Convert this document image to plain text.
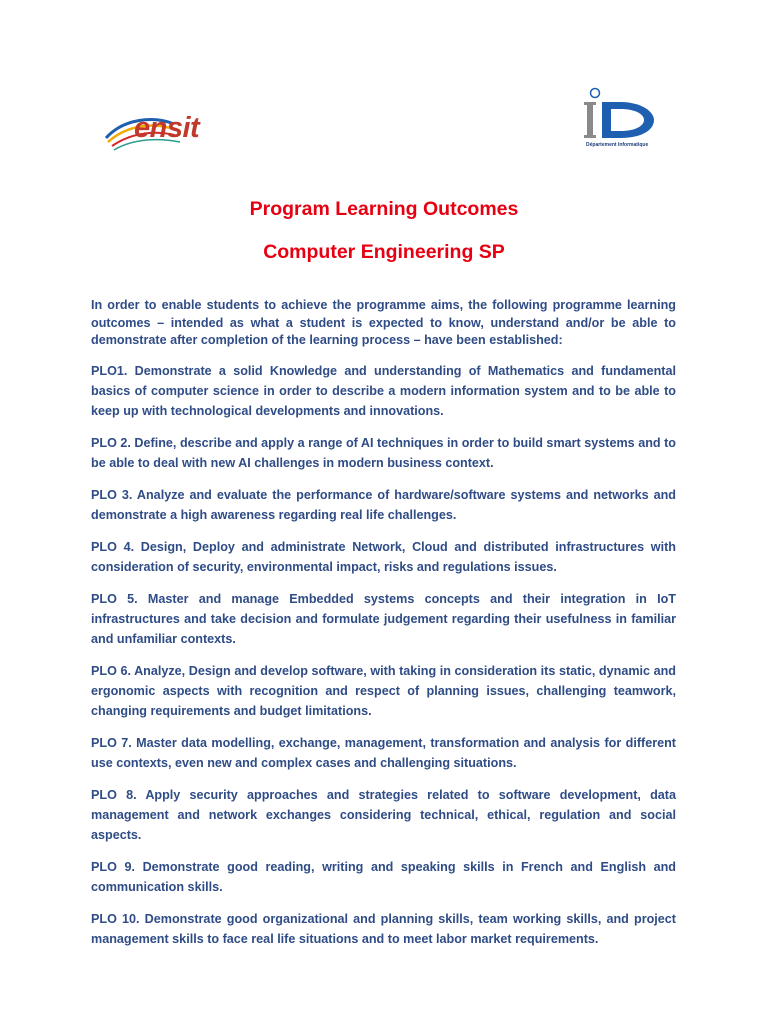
ensit
Département Informatique
Program Learning Outcomes
Computer Engineering SP

In order to enable students to achieve the programme aims, the following programme learning outcomes – intended as what a student is expected to know, understand and/or be able to demonstrate after completion of the learning process – have been established:

PLO1. Demonstrate a solid Knowledge and understanding of Mathematics and fundamental basics of computer science in order to describe a modern information system and to be able to keep up with technological developments and innovations.

PLO 2. Define, describe and apply a range of AI techniques in order to build smart systems and to be able to deal with new AI challenges in modern business context.

PLO 3. Analyze and evaluate the performance of hardware/software systems and networks and demonstrate a high awareness regarding real life challenges.

PLO 4. Design, Deploy and administrate Network, Cloud and distributed infrastructures with consideration of security, environmental impact, risks and regulations issues.

PLO 5. Master and manage Embedded systems concepts and their integration in IoT infrastructures and take decision and formulate judgement regarding their usefulness in familiar and unfamiliar contexts.

PLO 6. Analyze, Design and develop software, with taking in consideration its static, dynamic and ergonomic aspects with recognition and respect of planning issues, challenging teamwork, changing requirements and budget limitations.

PLO 7. Master data modelling, exchange, management, transformation and analysis for different use contexts, even new and complex cases and challenging situations.

PLO 8. Apply security approaches and strategies related to software development, data management and network exchanges considering technical, ethical, regulation and social aspects.

PLO 9. Demonstrate good reading, writing and speaking skills in French and English and communication skills.

PLO 10. Demonstrate good organizational and planning skills, team working skills, and project management skills to face real life situations and to meet labor market requirements.
